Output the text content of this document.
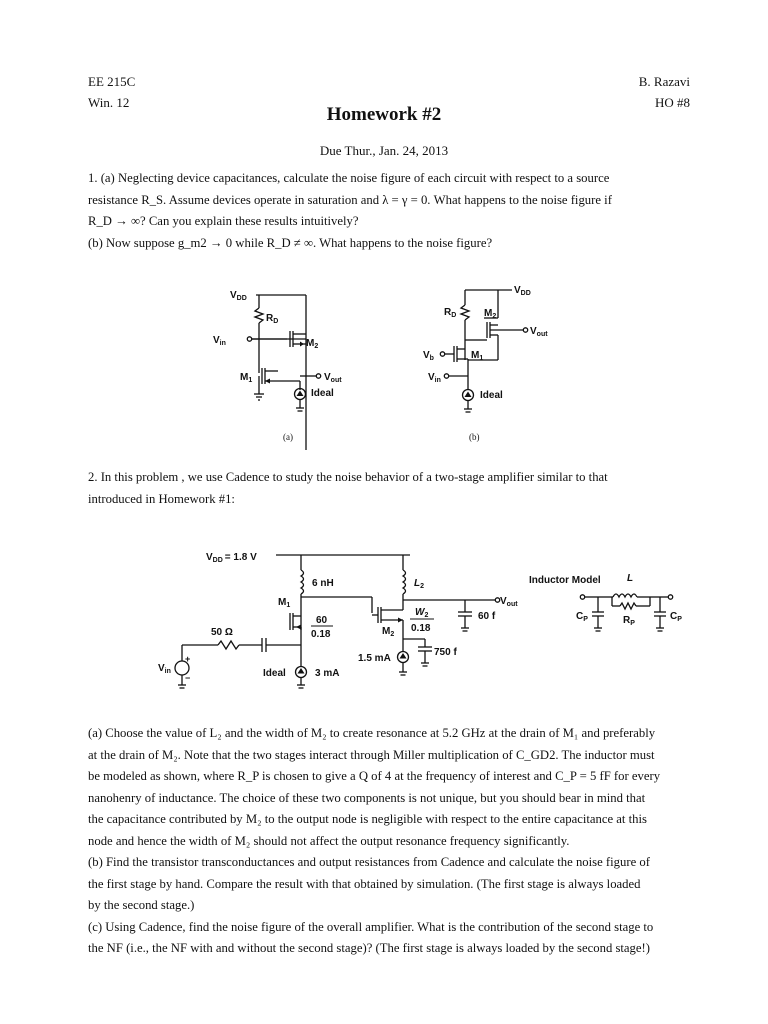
EE 215C
Win. 12
B. Razavi
HO #8
Homework #2
Due Thur., Jan. 24, 2013
1. (a) Neglecting device capacitances, calculate the noise figure of each circuit with respect to a source
resistance R_S. Assume devices operate in saturation and λ = γ = 0. What happens to the noise figure if
R_D → ∞? Can you explain these results intuitively?
(b) Now suppose g_m2 → 0 while R_D ≠ ∞. What happens to the noise figure?
$V_{DD}$
$R_D$
$V_{in}$	$M_2$
$M_1$	$V_{out}$
Ideal
(a)
$V_{DD}$
$R_D$	$M_2$
$V_{out}$
$V_b$	$M_1$
$V_{in}$
Ideal
(b)
2. In this problem , we use Cadence to study the noise behavior of a two-stage amplifier similar to that
introduced in Homework #1:
$V_{DD} = 1.8$ V
6 nH	$L_2$
$M_1$
60
0.18
$W_2$
0.18
$M_2$
$V_{out}$
60 f
1.5 mA
750 f
50 Ω
Ideal	3 mA
+
−
$V_{in}$
Inductor Model	L
$C_P$	$R_P$
$C_P$
(a) Choose the value of L₂ and the width of M₂ to create resonance at 5.2 GHz at the drain of M₁ and preferably
at the drain of M₂. Note that the two stages interact through Miller multiplication of C_GD2. The inductor must
be modeled as shown, where R_P is chosen to give a Q of 4 at the frequency of interest and C_P = 5 fF for every
nanohenry of inductance. The choice of these two components is not unique, but you should bear in mind that
the capacitance contributed by M₂ to the output node is negligible with respect to the entire capacitance at this
node and hence the width of M₂ should not affect the output resonance frequency significantly.
(b) Find the transistor transconductances and output resistances from Cadence and calculate the noise figure of
the first stage by hand. Compare the result with that obtained by simulation. (The first stage is always loaded
by the second stage.)
(c) Using Cadence, find the noise figure of the overall amplifier. What is the contribution of the second stage to
the NF (i.e., the NF with and without the second stage)? (The first stage is always loaded by the second stage!)
